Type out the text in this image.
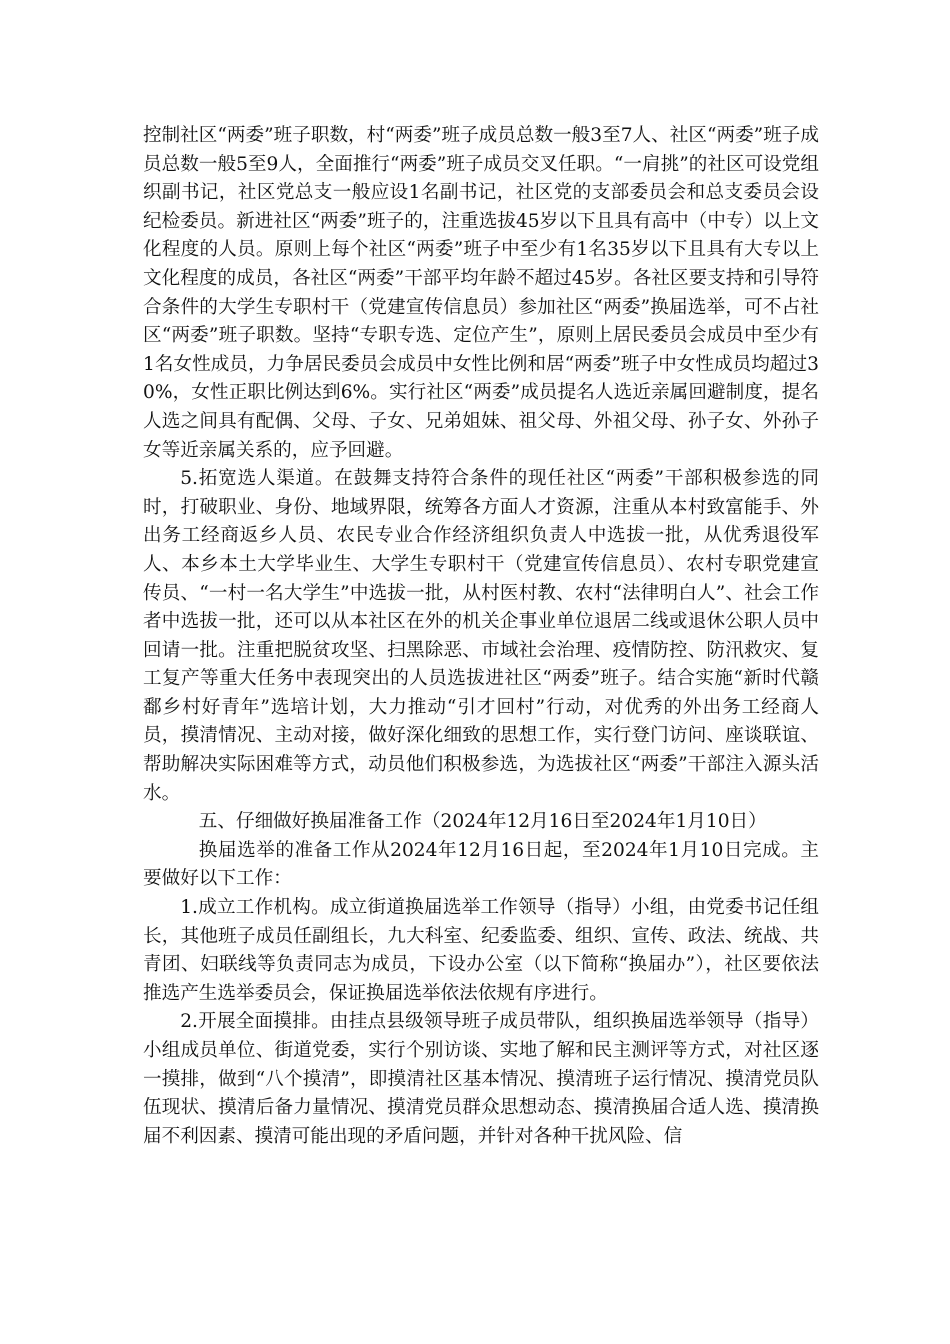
控制社区“两委”班子职数，村“两委”班子成员总数一般3至7人、社区“两委”班子成员总数一般5至9人，全面推行“两委”班子成员交叉任职。“一肩挑”的社区可设党组织副书记，社区党总支一般应设1名副书记，社区党的支部委员会和总支委员会设纪检委员。新进社区“两委”班子的，注重选拔45岁以下且具有高中（中专）以上文化程度的人员。原则上每个社区“两委”班子中至少有1名35岁以下且具有大专以上文化程度的成员，各社区“两委”干部平均年龄不超过45岁。各社区要支持和引导符合条件的大学生专职村干（党建宣传信息员）参加社区“两委”换届选举，可不占社区“两委”班子职数。坚持“专职专选、定位产生”，原则上居民委员会成员中至少有1名女性成员，力争居民委员会成员中女性比例和居“两委”班子中女性成员均超过30%，女性正职比例达到6%。实行社区“两委”成员提名人选近亲属回避制度，提名人选之间具有配偶、父母、子女、兄弟姐妹、祖父母、外祖父母、孙子女、外孙子女等近亲属关系的，应予回避。

5.拓宽选人渠道。在鼓舞支持符合条件的现任社区“两委”干部积极参选的同时，打破职业、身份、地域界限，统筹各方面人才资源，注重从本村致富能手、外出务工经商返乡人员、农民专业合作经济组织负责人中选拔一批，从优秀退役军人、本乡本土大学毕业生、大学生专职村干（党建宣传信息员）、农村专职党建宣传员、“一村一名大学生”中选拔一批，从村医村教、农村“法律明白人”、社会工作者中选拔一批，还可以从本社区在外的机关企事业单位退居二线或退休公职人员中回请一批。注重把脱贫攻坚、扫黑除恶、市域社会治理、疫情防控、防汛救灾、复工复产等重大任务中表现突出的人员选拔进社区“两委”班子。结合实施“新时代赣鄱乡村好青年”选培计划，大力推动“引才回村”行动，对优秀的外出务工经商人员，摸清情况、主动对接，做好深化细致的思想工作，实行登门访问、座谈联谊、帮助解决实际困难等方式，动员他们积极参选，为选拔社区“两委”干部注入源头活水。

五、仔细做好换届准备工作（2024年12月16日至2024年1月10日）

换届选举的准备工作从2024年12月16日起，至2024年1月10日完成。主要做好以下工作：

1.成立工作机构。成立街道换届选举工作领导（指导）小组，由党委书记任组长，其他班子成员任副组长，九大科室、纪委监委、组织、宣传、政法、统战、共青团、妇联线等负责同志为成员，下设办公室（以下简称“换届办”），社区要依法推选产生选举委员会，保证换届选举依法依规有序进行。

2.开展全面摸排。由挂点县级领导班子成员带队，组织换届选举领导（指导）小组成员单位、街道党委，实行个别访谈、实地了解和民主测评等方式，对社区逐一摸排，做到“八个摸清”，即摸清社区基本情况、摸清班子运行情况、摸清党员队伍现状、摸清后备力量情况、摸清党员群众思想动态、摸清换届合适人选、摸清换届不利因素、摸清可能出现的矛盾问题，并针对各种干扰风险、信
